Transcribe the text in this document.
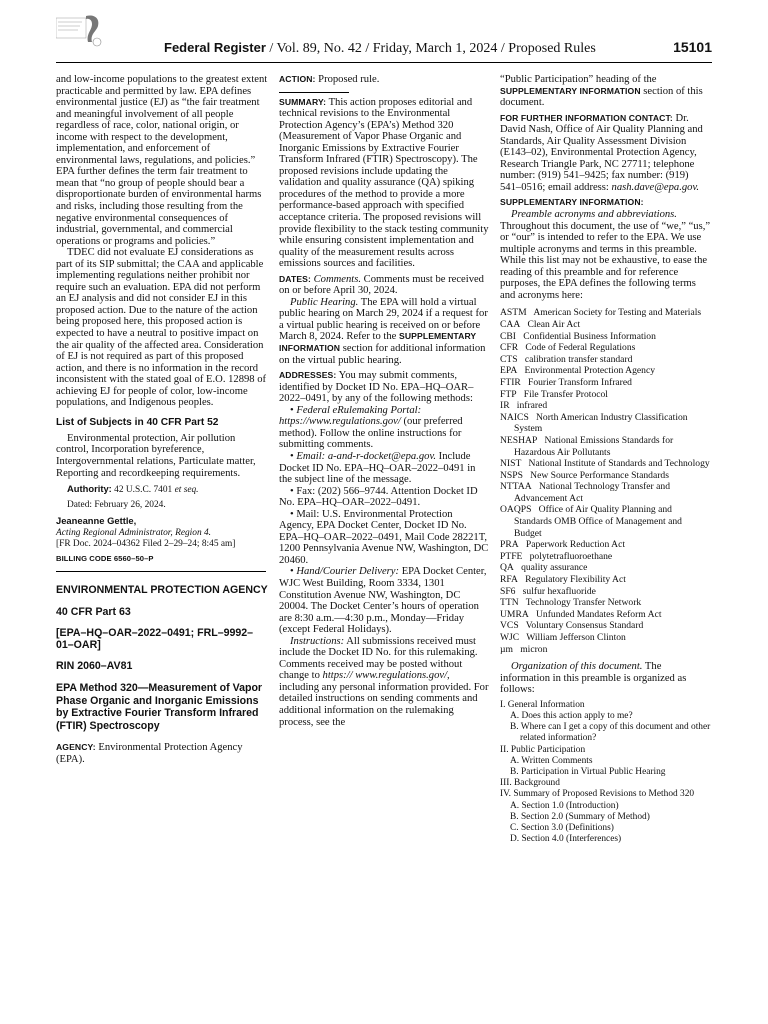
Federal Register / Vol. 89, No. 42 / Friday, March 1, 2024 / Proposed Rules	15101

and low-income populations to the greatest extent practicable and permitted by law. EPA defines environmental justice (EJ) as “the fair treatment and meaningful involvement of all people regardless of race, color, national origin, or income with respect to the development, implementation, and enforcement of environmental laws, regulations, and policies.” EPA further defines the term fair treatment to mean that “no group of people should bear a disproportionate burden of environmental harms and risks, including those resulting from the negative environmental consequences of industrial, governmental, and commercial operations or programs and policies.”

TDEC did not evaluate EJ considerations as part of its SIP submittal; the CAA and applicable implementing regulations neither prohibit nor require such an evaluation. EPA did not perform an EJ analysis and did not consider EJ in this proposed action. Due to the nature of the action being proposed here, this proposed action is expected to have a neutral to positive impact on the air quality of the affected area. Consideration of EJ is not required as part of this proposed action, and there is no information in the record inconsistent with the stated goal of E.O. 12898 of achieving EJ for people of color, low-income populations, and Indigenous peoples.

List of Subjects in 40 CFR Part 52

Environmental protection, Air pollution control, Incorporation byreference, Intergovernmental relations, Particulate matter, Reporting and recordkeeping requirements.

Authority: 42 U.S.C. 7401 et seq.

Dated: February 26, 2024.

Jeaneanne Gettle,

Acting Regional Administrator, Region 4.

[FR Doc. 2024–04362 Filed 2–29–24; 8:45 am]

BILLING CODE 6560–50–P

ENVIRONMENTAL PROTECTION AGENCY

40 CFR Part 63

[EPA–HQ–OAR–2022–0491; FRL–9992–01–OAR]

RIN 2060–AV81

EPA Method 320—Measurement of Vapor Phase Organic and Inorganic Emissions by Extractive Fourier Transform Infrared (FTIR) Spectroscopy

AGENCY: Environmental Protection Agency (EPA).

ACTION: Proposed rule.

SUMMARY: This action proposes editorial and technical revisions to the Environmental Protection Agency’s (EPA’s) Method 320 (Measurement of Vapor Phase Organic and Inorganic Emissions by Extractive Fourier Transform Infrared (FTIR) Spectroscopy). The proposed revisions include updating the validation and quality assurance (QA) spiking procedures of the method to provide a more performance-based approach with specified acceptance criteria. The proposed revisions will provide flexibility to the stack testing community while ensuring consistent implementation and quality of the measurement results across emissions sources and facilities.

DATES: Comments. Comments must be received on or before April 30, 2024.

Public Hearing. The EPA will hold a virtual public hearing on March 29, 2024 if a request for a virtual public hearing is received on or before March 8, 2024. Refer to the SUPPLEMENTARY INFORMATION section for additional information on the virtual public hearing.

ADDRESSES: You may submit comments, identified by Docket ID No. EPA–HQ–OAR–2022–0491, by any of the following methods:

• Federal eRulemaking Portal: https://www.regulations.gov/ (our preferred method). Follow the online instructions for submitting comments.

• Email: a-and-r-docket@epa.gov. Include Docket ID No. EPA–HQ–OAR–2022–0491 in the subject line of the message.

• Fax: (202) 566–9744. Attention Docket ID No. EPA–HQ–OAR–2022–0491.

• Mail: U.S. Environmental Protection Agency, EPA Docket Center, Docket ID No. EPA–HQ–OAR–2022–0491, Mail Code 28221T, 1200 Pennsylvania Avenue NW, Washington, DC 20460.

• Hand/Courier Delivery: EPA Docket Center, WJC West Building, Room 3334, 1301 Constitution Avenue NW, Washington, DC 20004. The Docket Center’s hours of operation are 8:30 a.m.—4:30 p.m., Monday—Friday (except Federal Holidays).

Instructions: All submissions received must include the Docket ID No. for this rulemaking. Comments received may be posted without change to https:// www.regulations.gov/, including any personal information provided. For detailed instructions on sending comments and additional information on the rulemaking process, see the

“Public Participation” heading of the SUPPLEMENTARY INFORMATION section of this document.

FOR FURTHER INFORMATION CONTACT: Dr. David Nash, Office of Air Quality Planning and Standards, Air Quality Assessment Division (E143–02), Environmental Protection Agency, Research Triangle Park, NC 27711; telephone number: (919) 541–9425; fax number: (919) 541–0516; email address: nash.dave@epa.gov.

SUPPLEMENTARY INFORMATION:

Preamble acronyms and abbreviations. Throughout this document, the use of “we,” “us,” or “our” is intended to refer to the EPA. We use multiple acronyms and terms in this preamble. While this list may not be exhaustive, to ease the reading of this preamble and for reference purposes, the EPA defines the following terms and acronyms here:

ASTM  American Society for Testing and Materials
CAA  Clean Air Act
CBI  Confidential Business Information
CFR  Code of Federal Regulations
CTS  calibration transfer standard
EPA  Environmental Protection Agency
FTIR  Fourier Transform Infrared
FTP  File Transfer Protocol
IR  infrared
NAICS  North American Industry Classification System
NESHAP  National Emissions Standards for Hazardous Air Pollutants
NIST  National Institute of Standards and Technology
NSPS  New Source Performance Standards
NTTAA  National Technology Transfer and Advancement Act
OAQPS  Office of Air Quality Planning and Standards OMB Office of Management and Budget
PRA  Paperwork Reduction Act
PTFE  polytetrafluoroethane
QA  quality assurance
RFA  Regulatory Flexibility Act
SF6  sulfur hexafluoride
TTN  Technology Transfer Network
UMRA  Unfunded Mandates Reform Act
VCS  Voluntary Consensus Standard
WJC  William Jefferson Clinton
µm  micron

Organization of this document. The information in this preamble is organized as follows:

I. General Information
A. Does this action apply to me?
B. Where can I get a copy of this document and other related information?
II. Public Participation
A. Written Comments
B. Participation in Virtual Public Hearing
III. Background
IV. Summary of Proposed Revisions to Method 320
A. Section 1.0 (Introduction)
B. Section 2.0 (Summary of Method)
C. Section 3.0 (Definitions)
D. Section 4.0 (Interferences)
